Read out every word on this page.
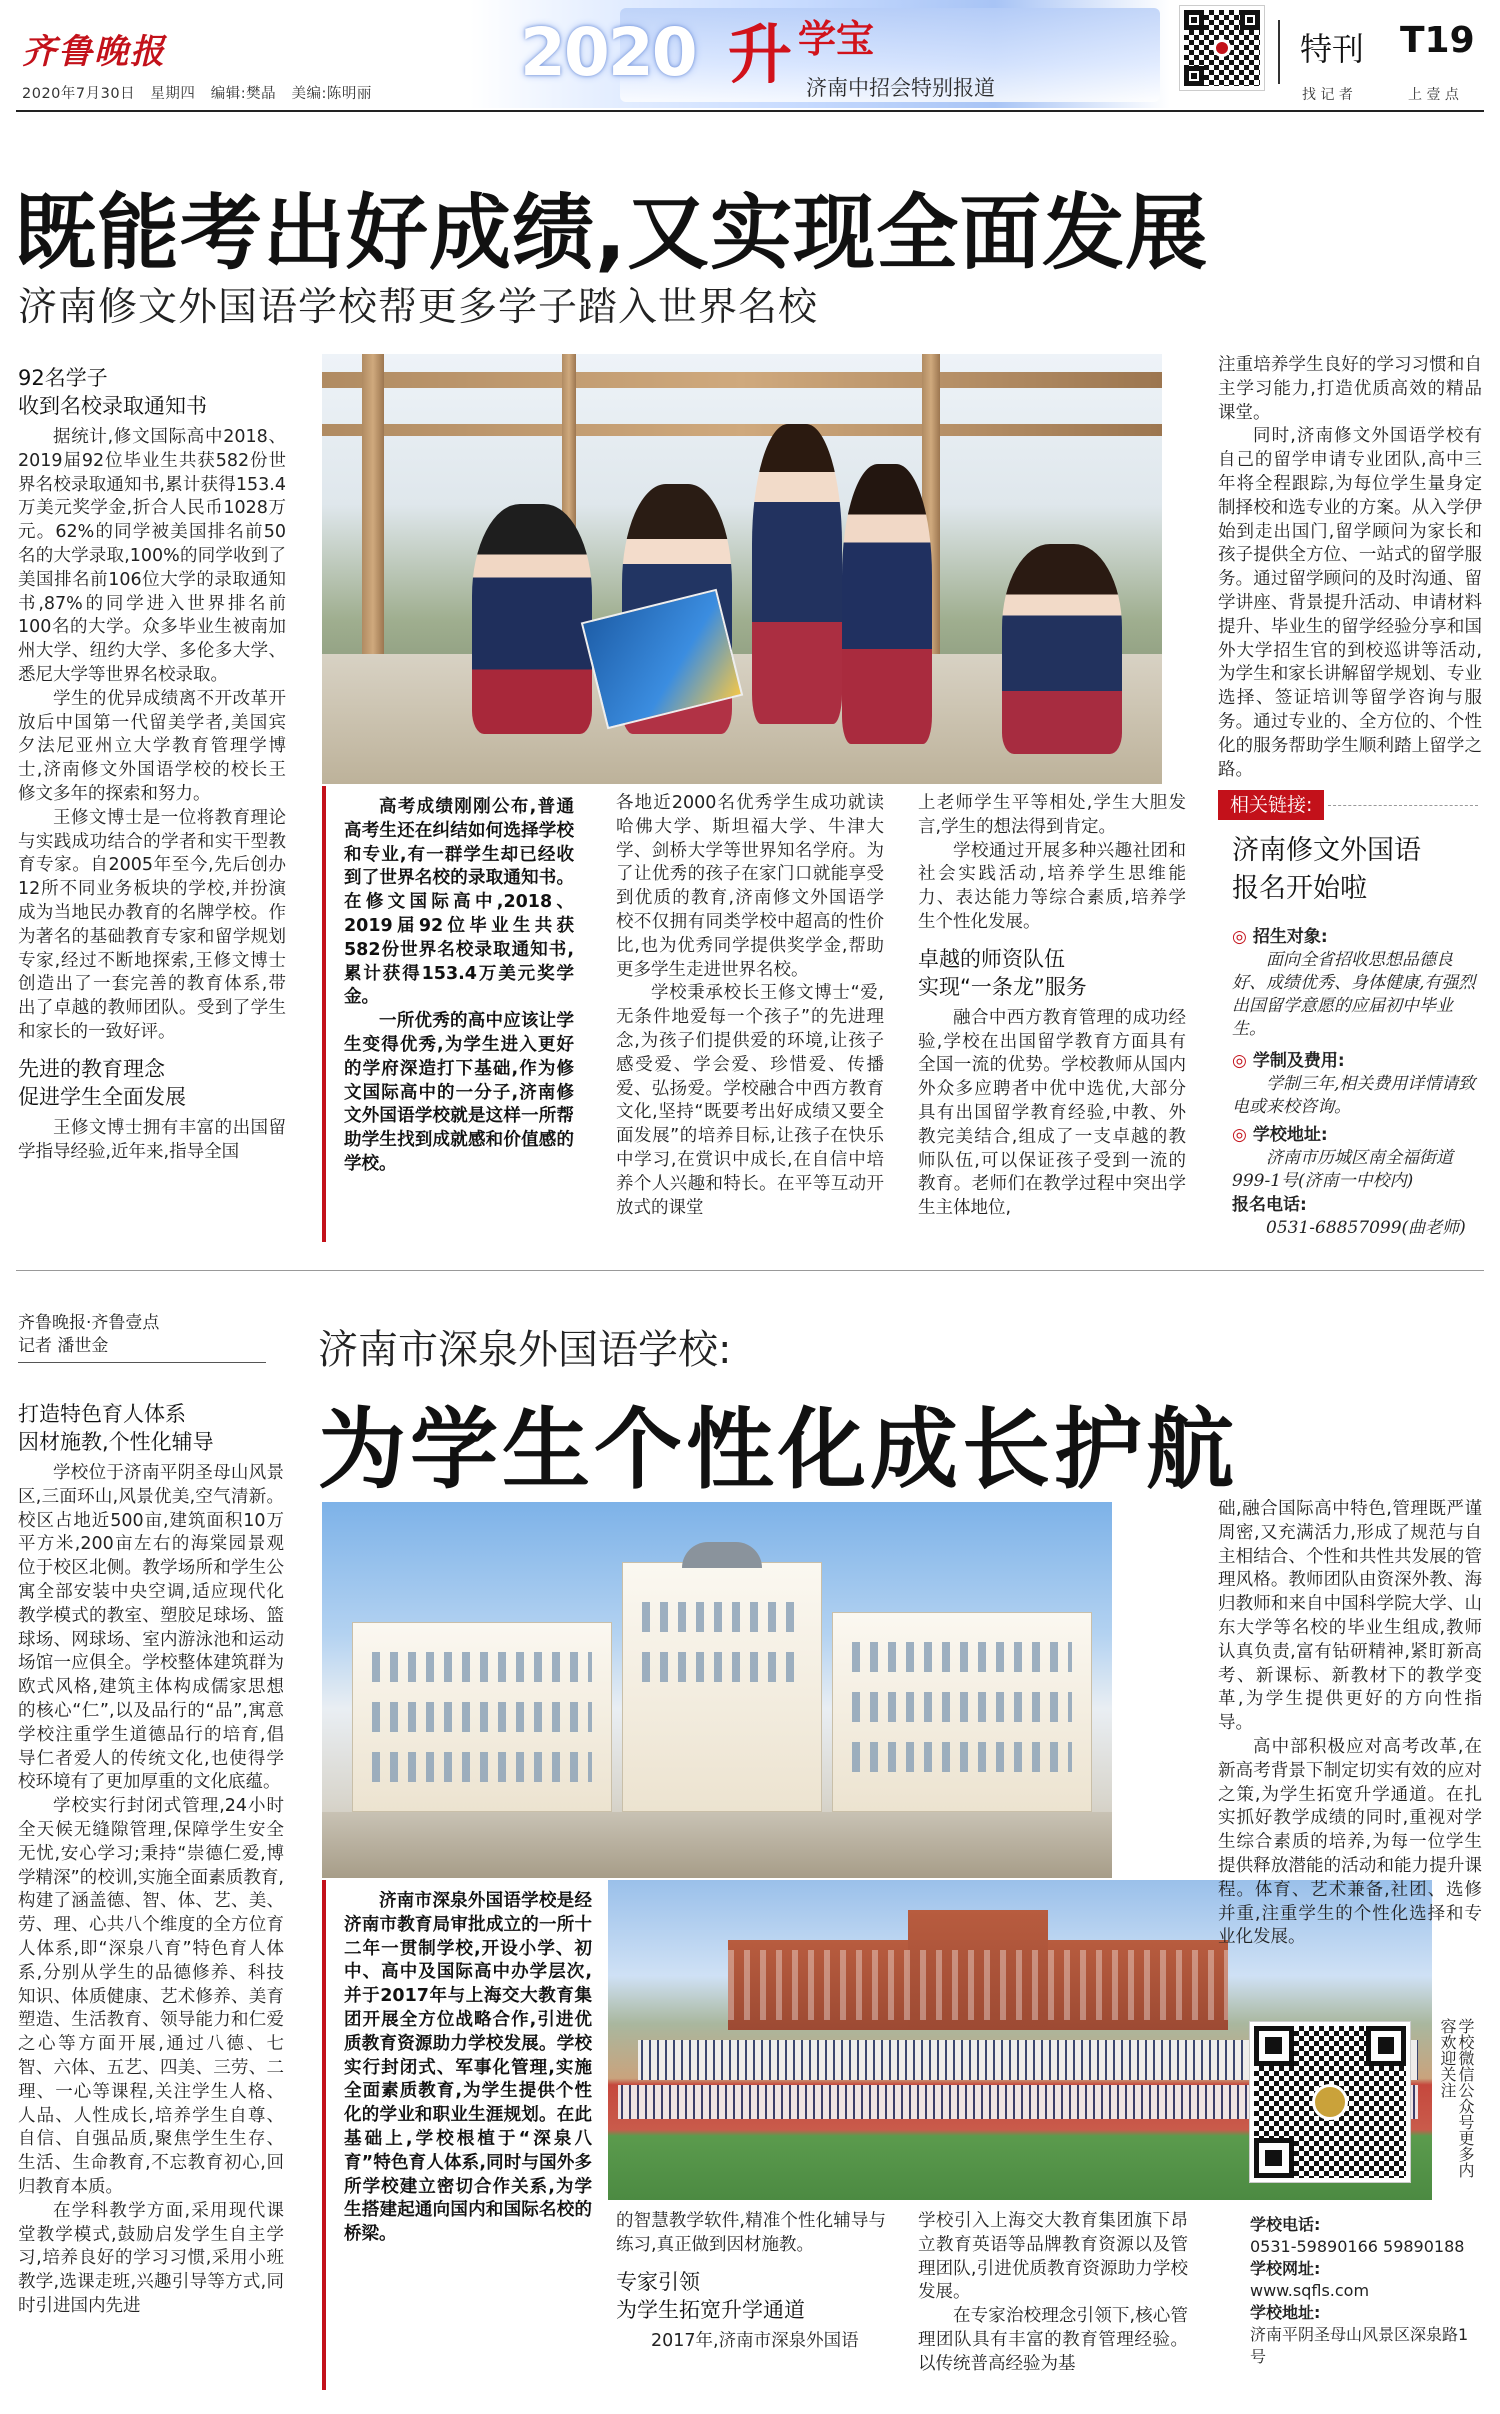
齐鲁晚报
2020年7月30日 星期四 编辑:樊晶 美编:陈明丽
2020 升 学宝
济南中招会特别报道
特刊 T19
找 记 者	上 壹 点
既能考出好成绩,又实现全面发展
济南修文外国语学校帮更多学子踏入世界名校
92名学子
收到名校录取通知书

据统计,修文国际高中2018、2019届92位毕业生共获582份世界名校录取通知书,累计获得153.4万美元奖学金,折合人民币1028万元。62%的同学被美国排名前50名的大学录取,100%的同学收到了美国排名前106位大学的录取通知书,87%的同学进入世界排名前100名的大学。众多毕业生被南加州大学、纽约大学、多伦多大学、悉尼大学等世界名校录取。

学生的优异成绩离不开改革开放后中国第一代留美学者,美国宾夕法尼亚州立大学教育管理学博士,济南修文外国语学校的校长王修文多年的探索和努力。

王修文博士是一位将教育理论与实践成功结合的学者和实干型教育专家。自2005年至今,先后创办12所不同业务板块的学校,并扮演成为当地民办教育的名牌学校。作为著名的基础教育专家和留学规划专家,经过不断地探索,王修文博士创造出了一套完善的教育体系,带出了卓越的教师团队。受到了学生和家长的一致好评。

先进的教育理念
促进学生全面发展

王修文博士拥有丰富的出国留学指导经验,近年来,指导全国

高考成绩刚刚公布,普通高考生还在纠结如何选择学校和专业,有一群学生却已经收到了世界名校的录取通知书。在修文国际高中,2018、2019届92位毕业生共获582份世界名校录取通知书,累计获得153.4万美元奖学金。

一所优秀的高中应该让学生变得优秀,为学生进入更好的学府深造打下基础,作为修文国际高中的一分子,济南修文外国语学校就是这样一所帮助学生找到成就感和价值感的学校。

各地近2000名优秀学生成功就读哈佛大学、斯坦福大学、牛津大学、剑桥大学等世界知名学府。为了让优秀的孩子在家门口就能享受到优质的教育,济南修文外国语学校不仅拥有同类学校中超高的性价比,也为优秀同学提供奖学金,帮助更多学生走进世界名校。

学校秉承校长王修文博士“爱,无条件地爱每一个孩子”的先进理念,为孩子们提供爱的环境,让孩子感受爱、学会爱、珍惜爱、传播爱、弘扬爱。学校融合中西方教育文化,坚持“既要考出好成绩又要全面发展”的培养目标,让孩子在快乐中学习,在赏识中成长,在自信中培养个人兴趣和特长。在平等互动开放式的课堂

上老师学生平等相处,学生大胆发言,学生的想法得到肯定。

学校通过开展多种兴趣社团和社会实践活动,培养学生思维能力、表达能力等综合素质,培养学生个性化发展。

卓越的师资队伍
实现“一条龙”服务

融合中西方教育管理的成功经验,学校在出国留学教育方面具有全国一流的优势。学校教师从国内外众多应聘者中优中选优,大部分具有出国留学教育经验,中教、外教完美结合,组成了一支卓越的教师队伍,可以保证孩子受到一流的教育。老师们在教学过程中突出学生主体地位,

注重培养学生良好的学习习惯和自主学习能力,打造优质高效的精品课堂。

同时,济南修文外国语学校有自己的留学申请专业团队,高中三年将全程跟踪,为每位学生量身定制择校和选专业的方案。从入学伊始到走出国门,留学顾问为家长和孩子提供全方位、一站式的留学服务。通过留学顾问的及时沟通、留学讲座、背景提升活动、申请材料提升、毕业生的留学经验分享和国外大学招生官的到校巡讲等活动,为学生和家长讲解留学规划、专业选择、签证培训等留学咨询与服务。通过专业的、全方位的、个性化的服务帮助学生顺利踏上留学之路。

相关链接:
济南修文外国语
报名开始啦
◎ 招生对象:
面向全省招收思想品德良好、成绩优秀、身体健康,有强烈出国留学意愿的应届初中毕业生。
◎ 学制及费用:
学制三年,相关费用详情请致电或来校咨询。
◎ 学校地址:
济南市历城区南全福街道999-1号(济南一中校内)
报名电话:
0531-68857099(曲老师)
齐鲁晚报·齐鲁壹点
记者 潘世金	济南市深泉外国语学校:
为学生个性化成长护航
打造特色育人体系
因材施教,个性化辅导

学校位于济南平阴圣母山风景区,三面环山,风景优美,空气清新。校区占地近500亩,建筑面积10万平方米,200亩左右的海棠园景观位于校区北侧。教学场所和学生公寓全部安装中央空调,适应现代化教学模式的教室、塑胶足球场、篮球场、网球场、室内游泳池和运动场馆一应俱全。学校整体建筑群为欧式风格,建筑主体构成儒家思想的核心“仁”,以及品行的“品”,寓意学校注重学生道德品行的培育,倡导仁者爱人的传统文化,也使得学校环境有了更加厚重的文化底蕴。

学校实行封闭式管理,24小时全天候无缝隙管理,保障学生安全无忧,安心学习;秉持“崇德仁爱,博学精深”的校训,实施全面素质教育,构建了涵盖德、智、体、艺、美、劳、理、心共八个维度的全方位育人体系,即“深泉八育”特色育人体系,分别从学生的品德修养、科技知识、体质健康、艺术修养、美育塑造、生活教育、领导能力和仁爱之心等方面开展,通过八德、七智、六体、五艺、四美、三劳、二理、一心等课程,关注学生人格、人品、人性成长,培养学生自尊、自信、自强品质,聚焦学生生存、生活、生命教育,不忘教育初心,回归教育本质。

在学科教学方面,采用现代课堂教学模式,鼓励启发学生自主学习,培养良好的学习习惯,采用小班教学,选课走班,兴趣引导等方式,同时引进国内先进

济南市深泉外国语学校是经济南市教育局审批成立的一所十二年一贯制学校,开设小学、初中、高中及国际高中办学层次,并于2017年与上海交大教育集团开展全方位战略合作,引进优质教育资源助力学校发展。学校实行封闭式、军事化管理,实施全面素质教育,为学生提供个性化的学业和职业生涯规划。在此基础上,学校根植于“深泉八育”特色育人体系,同时与国外多所学校建立密切合作关系,为学生搭建起通向国内和国际名校的桥梁。

的智慧教学软件,精准个性化辅导与练习,真正做到因材施教。

专家引领
为学生拓宽升学通道

2017年,济南市深泉外国语

学校引入上海交大教育集团旗下昂立教育英语等品牌教育资源以及管理团队,引进优质教育资源助力学校发展。

在专家治校理念引领下,核心管理团队具有丰富的教育管理经验。以传统普高经验为基

础,融合国际高中特色,管理既严谨周密,又充满活力,形成了规范与自主相结合、个性和共性共发展的管理风格。教师团队由资深外教、海归教师和来自中国科学院大学、山东大学等名校的毕业生组成,教师认真负责,富有钻研精神,紧盯新高考、新课标、新教材下的教学变革,为学生提供更好的方向性指导。

高中部积极应对高考改革,在新高考背景下制定切实有效的应对之策,为学生拓宽升学通道。在扎实抓好教学成绩的同时,重视对学生综合素质的培养,为每一位学生提供释放潜能的活动和能力提升课程。体育、艺术兼备,社团、选修并重,注重学生的个性化选择和专业化发展。

学校微信公众号更多内容欢迎关注
学校电话:
0531-59890166 59890188
学校网址:
www.sqfls.com
学校地址:
济南平阴圣母山风景区深泉路1号
